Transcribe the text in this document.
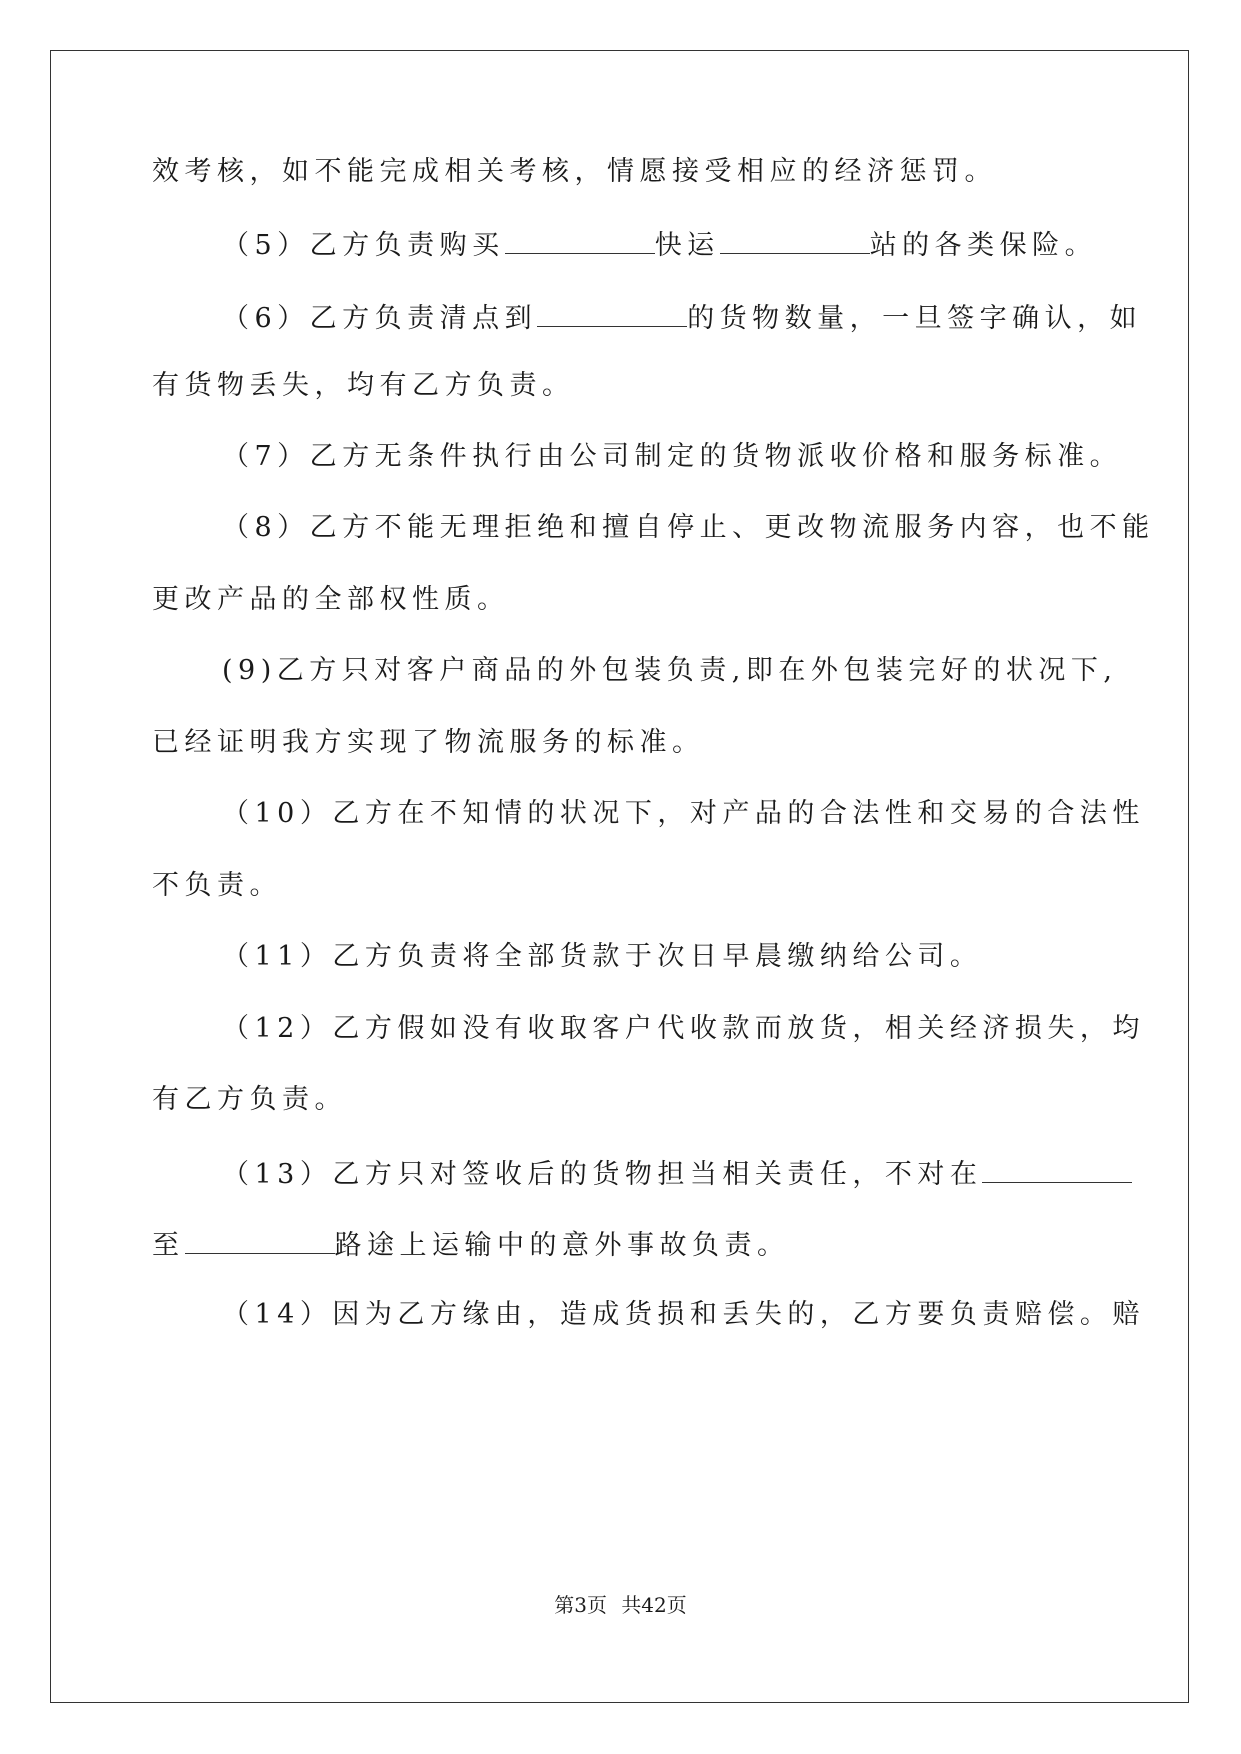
效考核，如不能完成相关考核，情愿接受相应的经济惩罚。
（5）乙方负责购买	快运	站的各类保险。
（6）乙方负责清点到	的货物数量，一旦签字确认，如
有货物丢失，均有乙方负责。
（7）乙方无条件执行由公司制定的货物派收价格和服务标准。
（8）乙方不能无理拒绝和擅自停止、更改物流服务内容，也不能
更改产品的全部权性质。
(9)乙方只对客户商品的外包装负责,即在外包装完好的状况下,
已经证明我方实现了物流服务的标准。
（10）乙方在不知情的状况下，对产品的合法性和交易的合法性
不负责。
（11）乙方负责将全部货款于次日早晨缴纳给公司。
（12）乙方假如没有收取客户代收款而放货，相关经济损失，均
有乙方负责。
（13）乙方只对签收后的货物担当相关责任，不对在
至	路途上运输中的意外事故负责。
（14）因为乙方缘由，造成货损和丢失的，乙方要负责赔偿。赔
第3页 共42页
